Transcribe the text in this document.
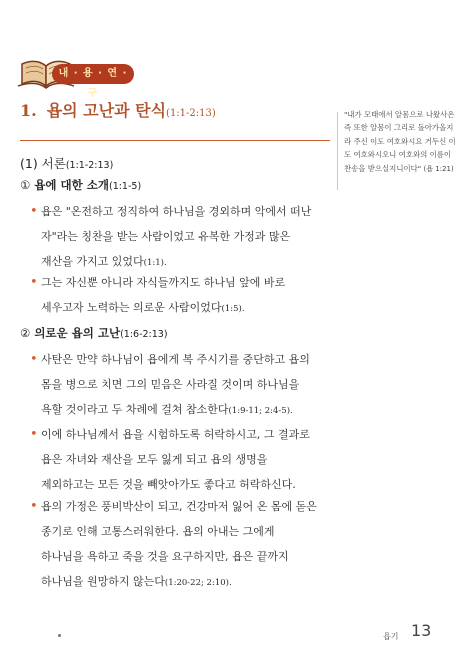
내 · 용 · 연 · 구
1. 욥의 고난과 탄식(1:1-2:13)	"내가 모태에서 알몸으로 나왔사온즉 또한 알몸이 그리로 돌아가올지라 주신 이도 여호와시요 거두신 이도 여호와시오니 여호와의 이름이 찬송을 받으실지니이다" (욥 1:21)
(1) 서론(1:1-2:13)
① 욥에 대한 소개(1:1-5)
• 욥은 "온전하고 정직하여 하나님을 경외하며 악에서 떠난 자"라는 칭찬을 받는 사람이었고 유복한 가정과 많은 재산을 가지고 있었다(1:1).
• 그는 자신뿐 아니라 자식들까지도 하나님 앞에 바로 세우고자 노력하는 의로운 사람이었다(1:5).
② 의로운 욥의 고난(1:6-2:13)
• 사탄은 만약 하나님이 욥에게 복 주시기를 중단하고 욥의 몸을 병으로 치면 그의 믿음은 사라질 것이며 하나님을 욕할 것이라고 두 차례에 걸쳐 참소한다(1:9-11; 2:4-5).
• 이에 하나님께서 욥을 시험하도록 허락하시고, 그 결과로 욥은 자녀와 재산을 모두 잃게 되고 욥의 생명을 제외하고는 모든 것을 빼앗아가도 좋다고 허락하신다.
• 욥의 가정은 풍비박산이 되고, 건강마저 잃어 온 몸에 돋은 종기로 인해 고통스러워한다. 욥의 아내는 그에게 하나님을 욕하고 죽을 것을 요구하지만, 욥은 끝까지 하나님을 원망하지 않는다(1:20-22; 2:10).
욥기 13
